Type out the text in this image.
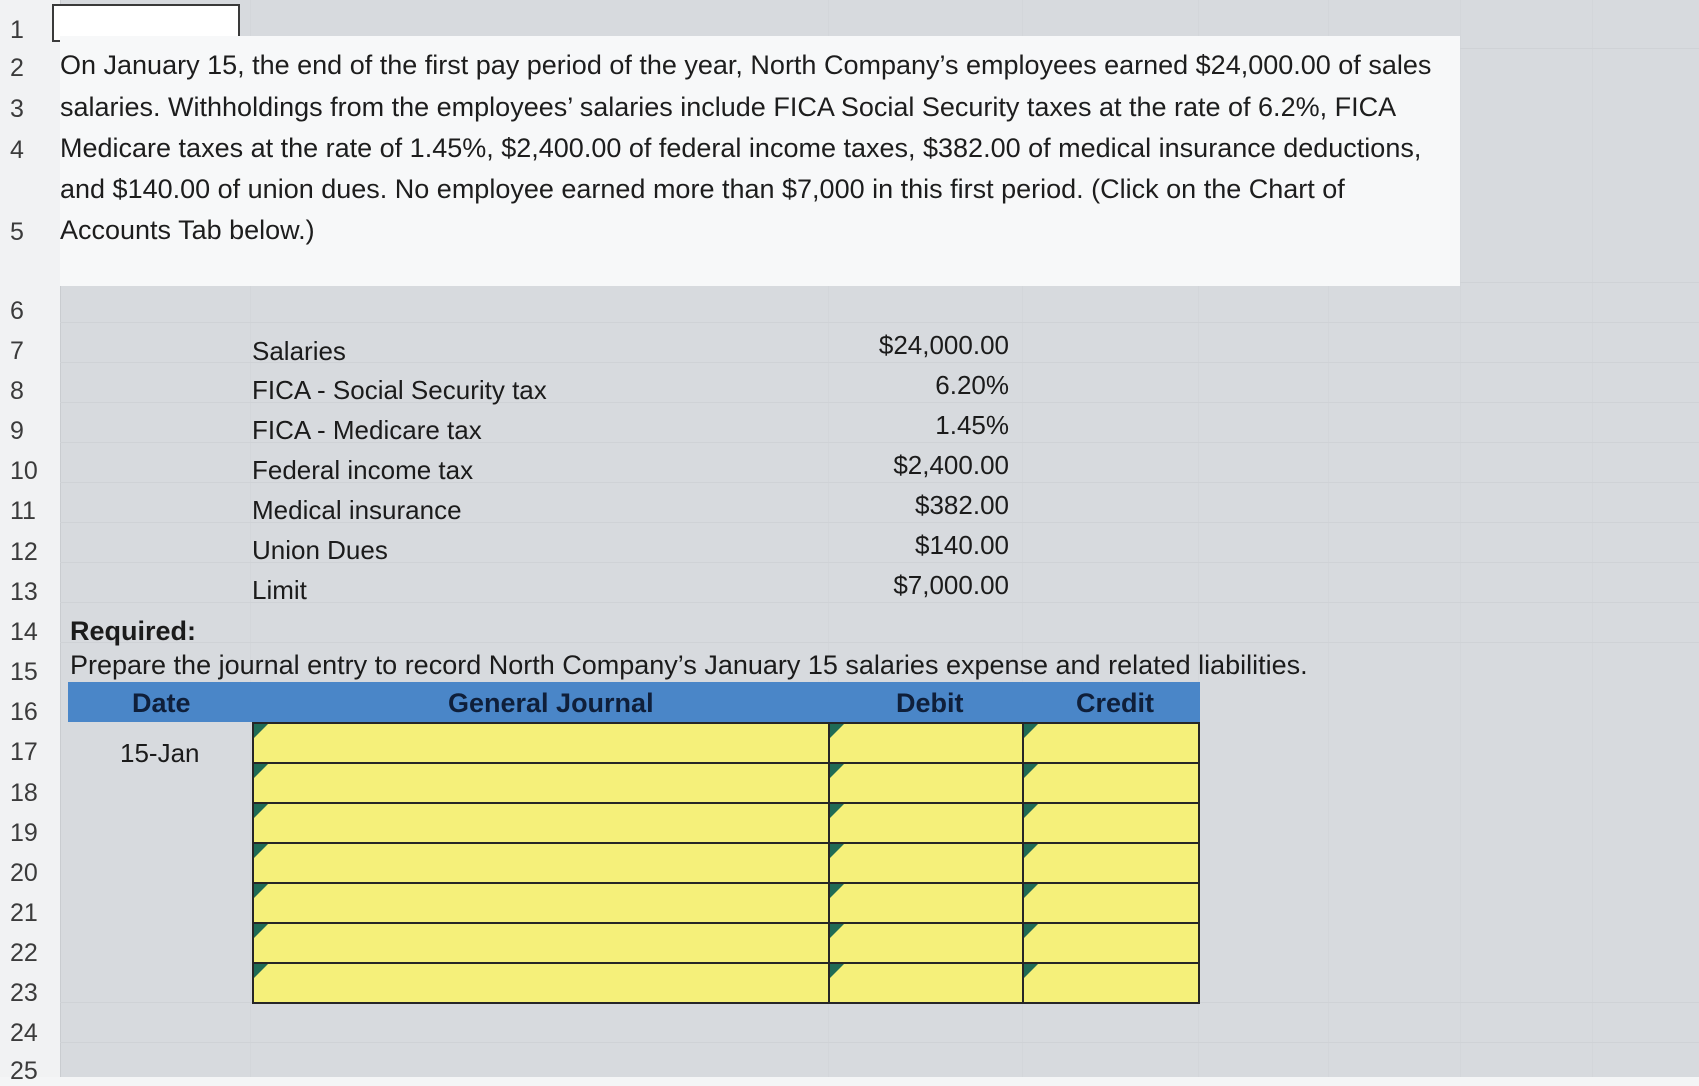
1
2
3
4
5
6
7
8
9
10
11
12
13
14
15
16
17
18
19
20
21
22
23
24
25
On January 15, the end of the first pay period of the year, North Company’s employees earned $24,000.00 of sales
salaries. Withholdings from the employees’ salaries include FICA Social Security taxes at the rate of 6.2%, FICA
Medicare taxes at the rate of 1.45%, $2,400.00 of federal income taxes, $382.00 of medical insurance deductions,
and $140.00 of union dues. No employee earned more than $7,000 in this first period. (Click on the Chart of
Accounts Tab below.)
Salaries	$24,000.00
FICA - Social Security tax	6.20%
FICA - Medicare tax	1.45%
Federal income tax	$2,400.00
Medical insurance	$382.00
Union Dues	$140.00
Limit	$7,000.00
Required:
Prepare the journal entry to record North Company’s January 15 salaries expense and related liabilities.
Date	General Journal	Debit	Credit
15-Jan
